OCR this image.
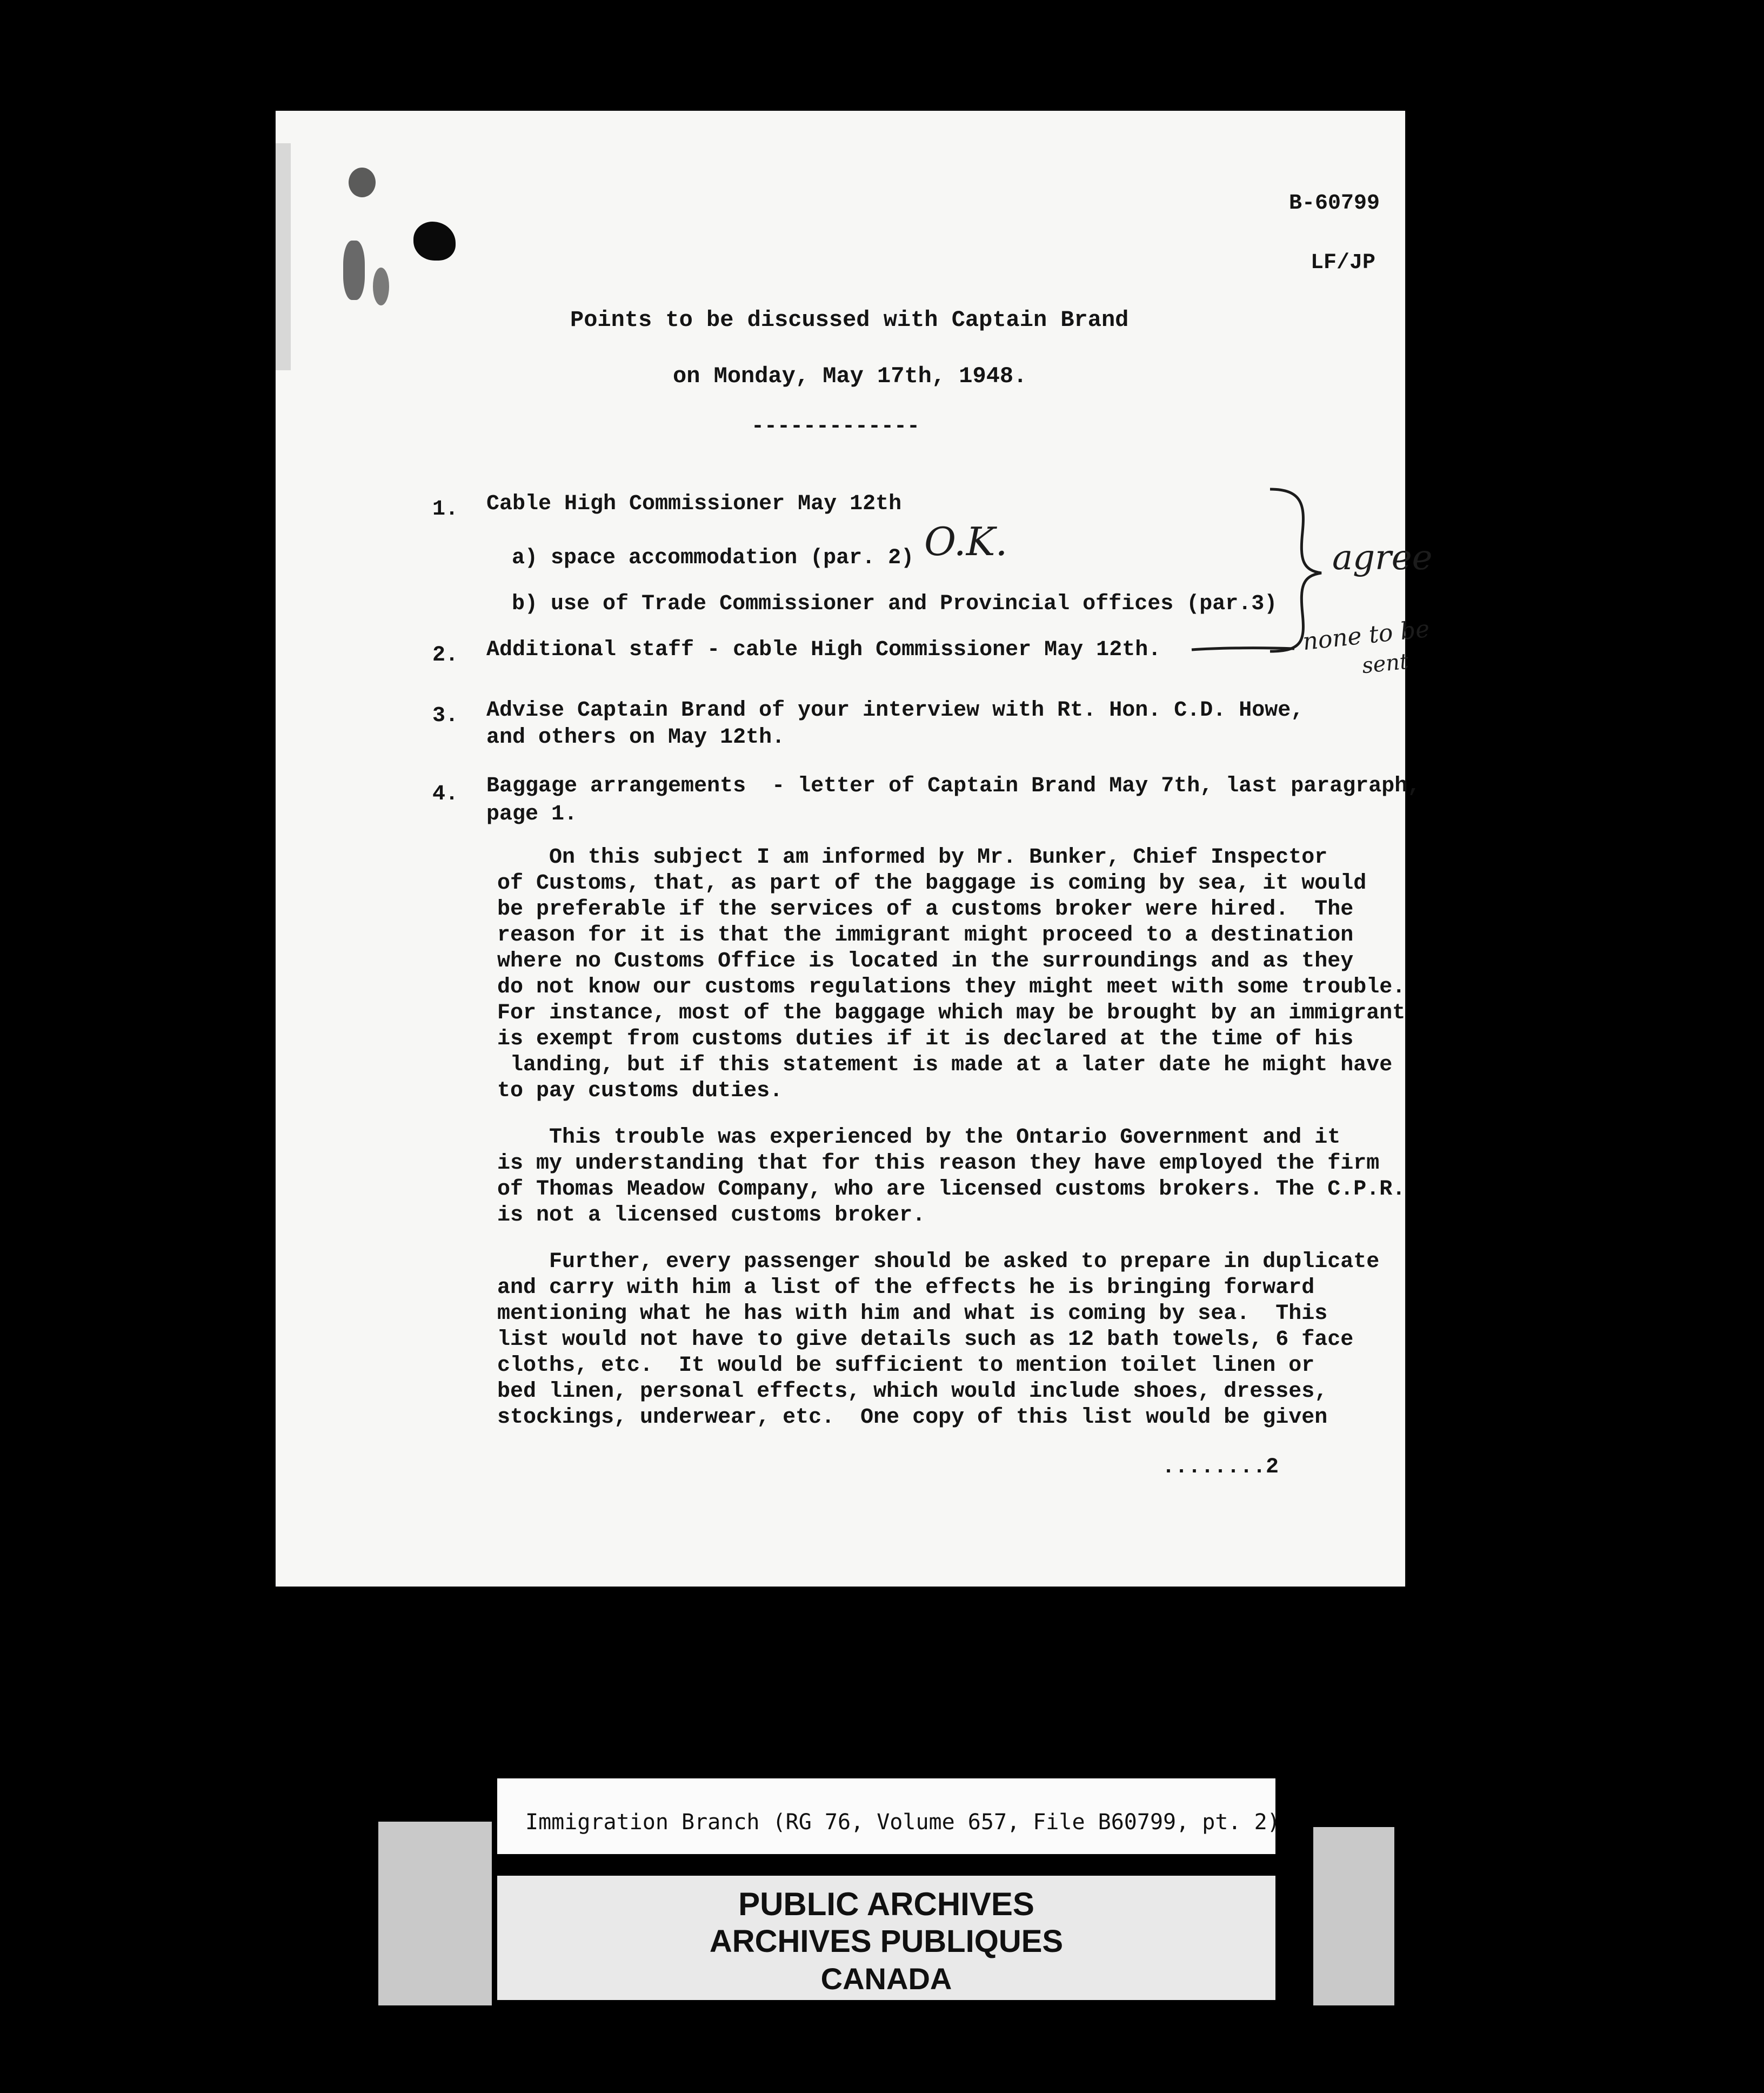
B-60799
LF/JP
Points to be discussed with Captain Brand
on Monday, May 17th, 1948.
-------------
1. Cable High Commissioner May 12th
a) space accommodation (par. 2)
b) use of Trade Commissioner and Provincial offices (par.3)
2. Additional staff - cable High Commissioner May 12th.
3. Advise Captain Brand of your interview with Rt. Hon. C.D. Howe,
and others on May 12th.
4. Baggage arrangements  - letter of Captain Brand May 7th, last paragraph,
page 1.
On this subject I am informed by Mr. Bunker, Chief Inspector
of Customs, that, as part of the baggage is coming by sea, it would
be preferable if the services of a customs broker were hired.  The
reason for it is that the immigrant might proceed to a destination
where no Customs Office is located in the surroundings and as they
do not know our customs regulations they might meet with some trouble.
For instance, most of the baggage which may be brought by an immigrant
is exempt from customs duties if it is declared at the time of his
landing, but if this statement is made at a later date he might have
to pay customs duties.
This trouble was experienced by the Ontario Government and it
is my understanding that for this reason they have employed the firm
of Thomas Meadow Company, who are licensed customs brokers. The C.P.R.
is not a licensed customs broker.
Further, every passenger should be asked to prepare in duplicate
and carry with him a list of the effects he is bringing forward
mentioning what he has with him and what is coming by sea.  This
list would not have to give details such as 12 bath towels, 6 face
cloths, etc.  It would be sufficient to mention toilet linen or
bed linen, personal effects, which would include shoes, dresses,
stockings, underwear, etc.  One copy of this list would be given
........2
O.K.	agree
none to be
sent
Immigration Branch (RG 76, Volume 657, File B60799, pt. 2)
PUBLIC ARCHIVES
ARCHIVES PUBLIQUES
CANADA
